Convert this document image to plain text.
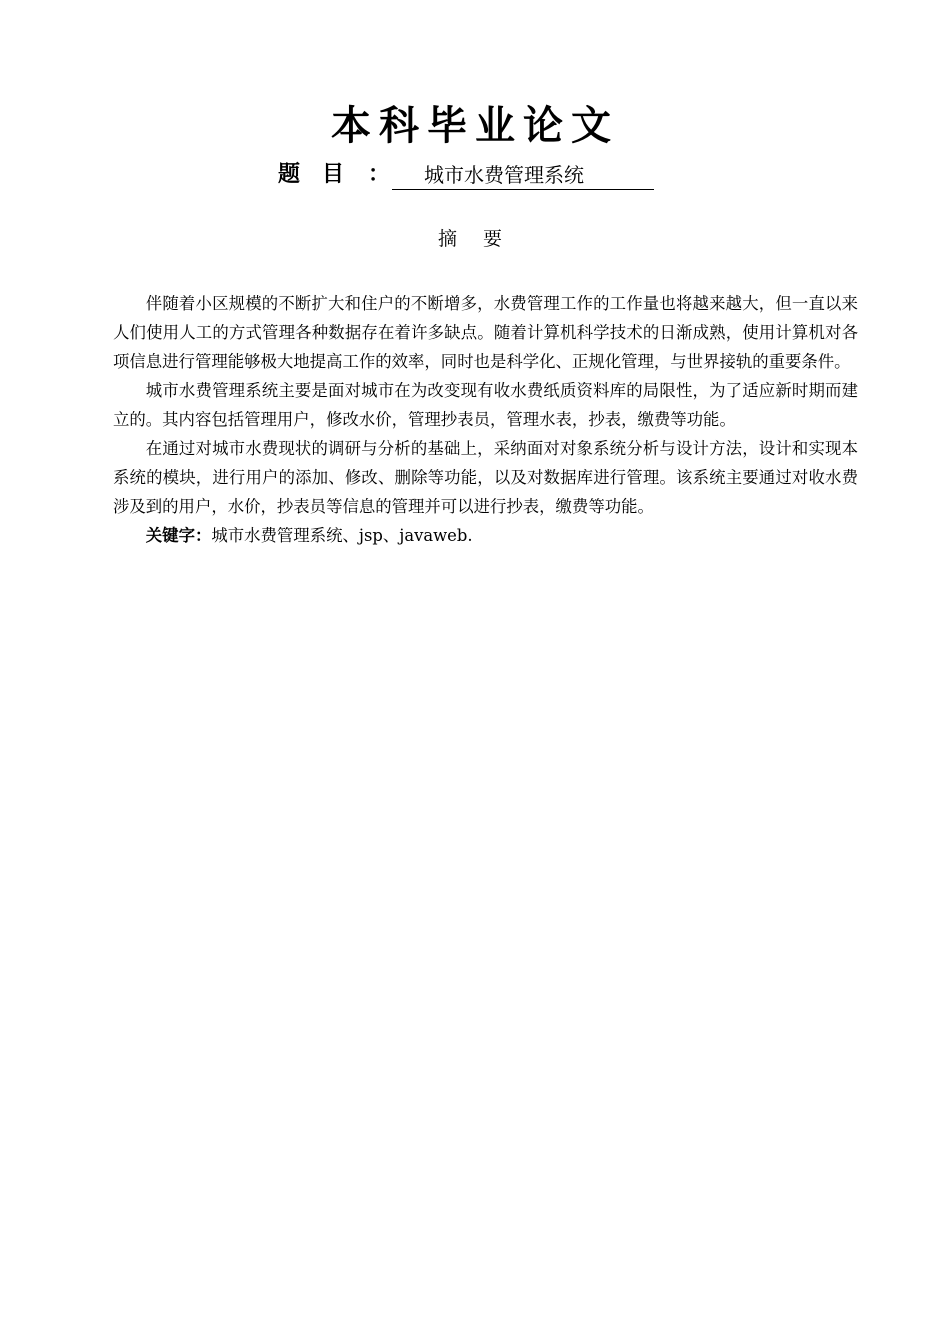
本科毕业论文
题　目 ：	城市水费管理系统
摘 要

伴随着小区规模的不断扩大和住户的不断增多，水费管理工作的工作量也将越来越大，但一直以来人们使用人工的方式管理各种数据存在着许多缺点。随着计算机科学技术的日渐成熟，使用计算机对各项信息进行管理能够极大地提高工作的效率，同时也是科学化、正规化管理，与世界接轨的重要条件。

城市水费管理系统主要是面对城市在为改变现有收水费纸质资料库的局限性，为了适应新时期而建立的。其内容包括管理用户，修改水价，管理抄表员，管理水表，抄表，缴费等功能。

在通过对城市水费现状的调研与分析的基础上，采纳面对对象系统分析与设计方法，设计和实现本系统的模块，进行用户的添加、修改、删除等功能，以及对数据库进行管理。该系统主要通过对收水费涉及到的用户，水价，抄表员等信息的管理并可以进行抄表，缴费等功能。

关键字：城市水费管理系统、jsp、javaweb.
